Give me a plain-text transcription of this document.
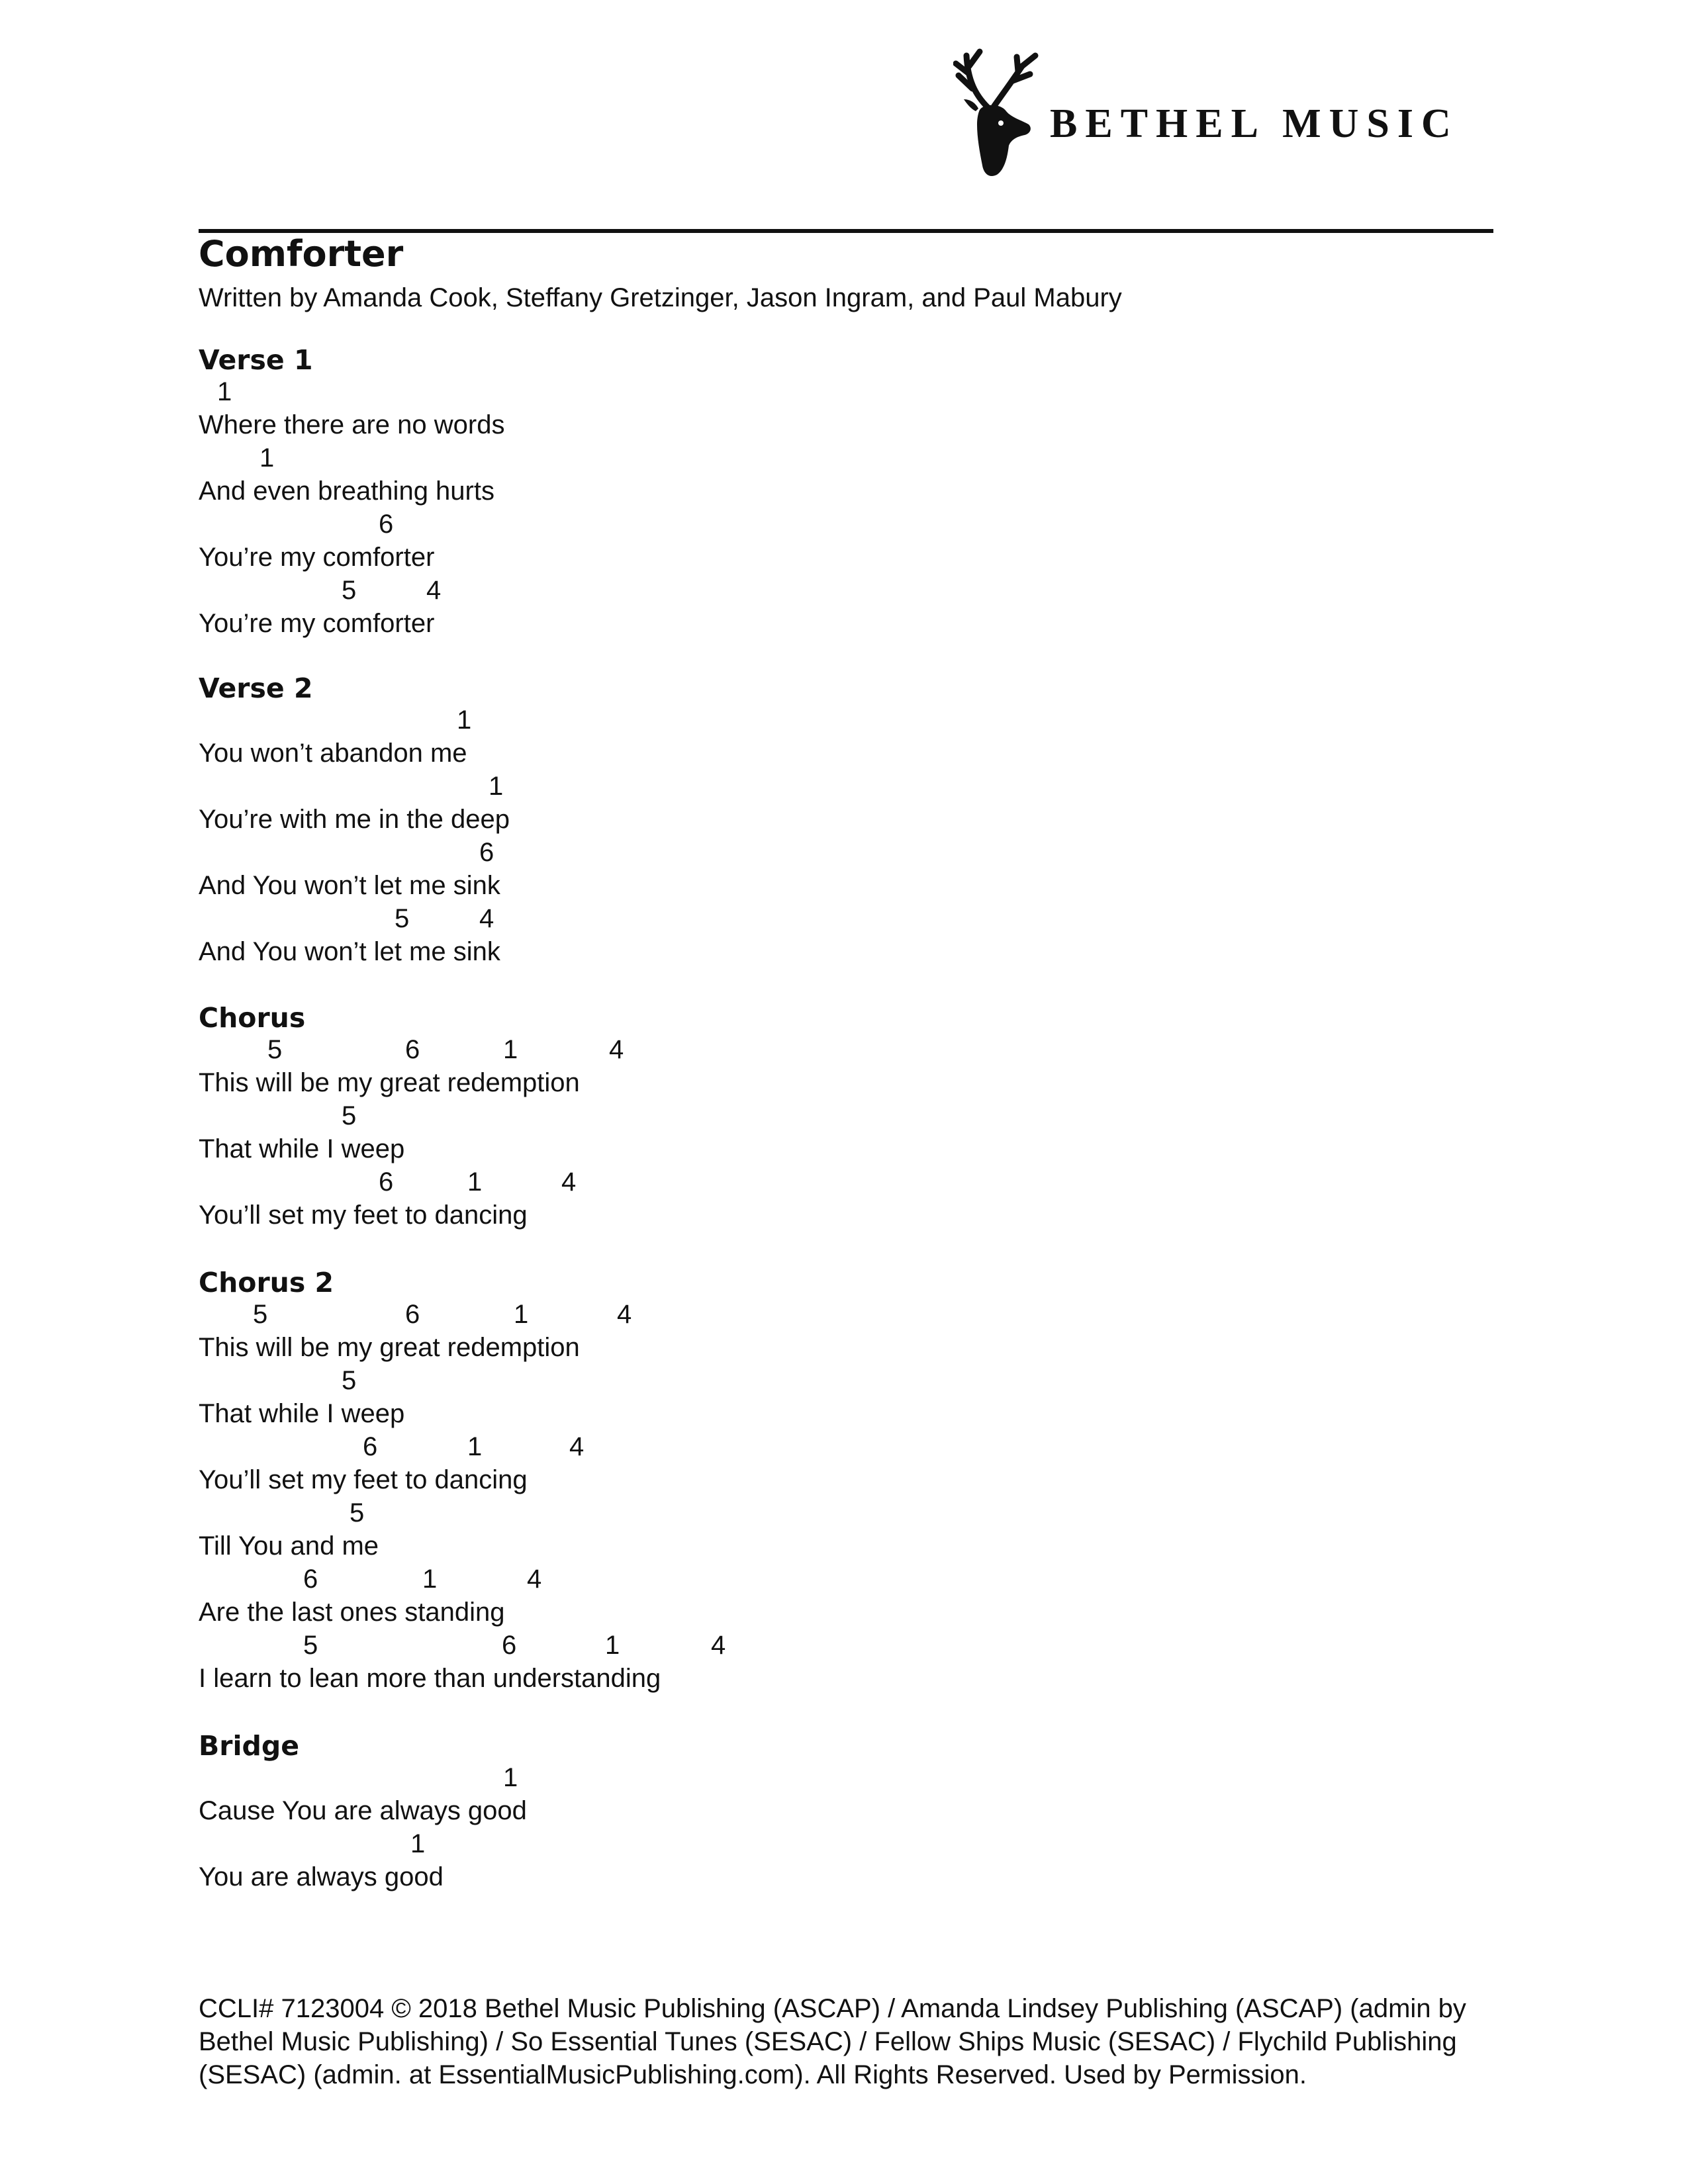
BETHEL MUSIC
Comforter
Written by Amanda Cook, Steffany Gretzinger, Jason Ingram, and Paul Mabury
Verse 1
1
Where there are no words
1
And even breathing hurts
6
You’re my comforter
5	4
You’re my comforter
Verse 2
1
You won’t abandon me
1
You’re with me in the deep
6
And You won’t let me sink
5	4
And You won’t let me sink
Chorus
5	6	1	4
This will be my great redemption
5
That while I weep
6	1	4
You’ll set my feet to dancing
Chorus 2
5	6	1	4
This will be my great redemption
5
That while I weep
6	1	4
You’ll set my feet to dancing
5
Till You and me
6	1	4
Are the last ones standing
5	6	1	4
I learn to lean more than understanding
Bridge
1
Cause You are always good
1
You are always good
CCLI# 7123004 © 2018 Bethel Music Publishing (ASCAP) / Amanda Lindsey Publishing (ASCAP) (admin by Bethel Music Publishing) / So Essential Tunes (SESAC) / Fellow Ships Music (SESAC) / Flychild Publishing (SESAC) (admin. at EssentialMusicPublishing.com). All Rights Reserved. Used by Permission.
